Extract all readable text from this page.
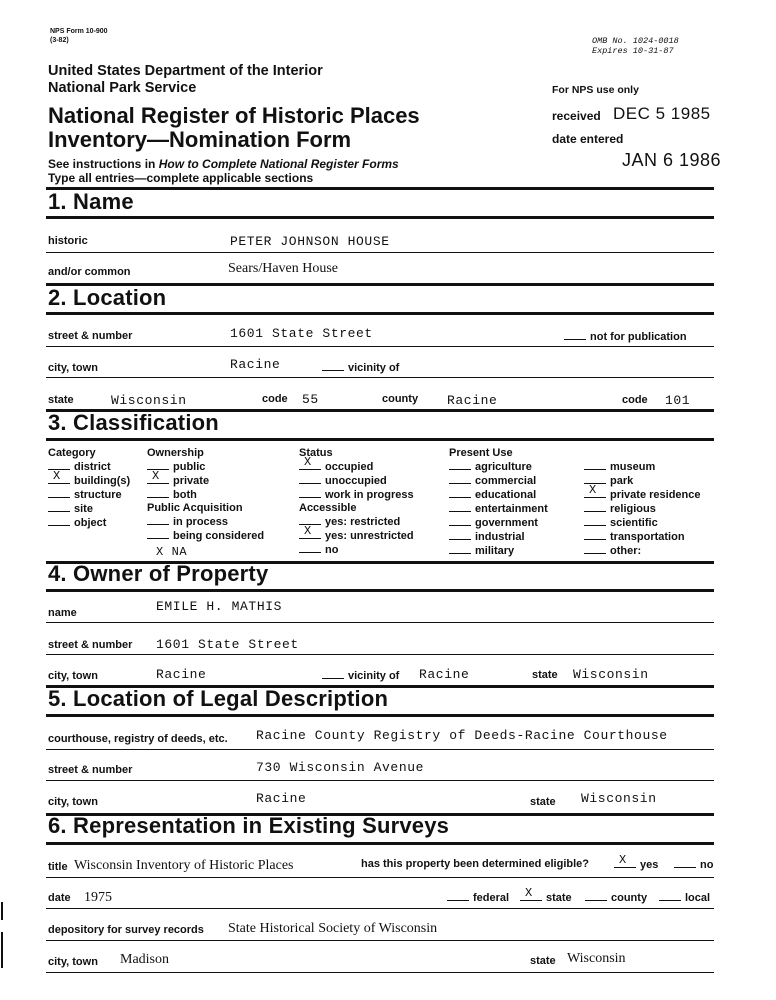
NPS Form 10-900
(3-82)	OMB No. 1024-0018
Expires 10-31-87
United States Department of the Interior
National Park Service
National Register of Historic Places
Inventory—Nomination Form
See instructions in How to Complete National Register Forms
Type all entries—complete applicable sections
For NPS use only
received DEC 5 1985
date entered
JAN 6 1986
1. Name
historic	PETER JOHNSON HOUSE
and/or common	Sears/Haven House
2. Location
street & number	1601 State Street	not for publication
city, town	Racine	vicinity of
state	Wisconsin	code 55	county Racine	code 101
3. Classification
Category
district
X building(s)
structure
site
object
Ownership
public
X private
both
Public Acquisition
in process
being considered
X NA
Status
X occupied
unoccupied
work in progress
Accessible
yes: restricted
X yes: unrestricted
no
Present Use
agriculture
commercial
educational
entertainment
government
industrial
military
museum
park
X private residence
religious
scientific
transportation
other:
4. Owner of Property
name	EMILE H. MATHIS
street & number 1601 State Street
city, town	Racine	vicinity of Racine	state Wisconsin
5. Location of Legal Description
courthouse, registry of deeds, etc. Racine County Registry of Deeds-Racine Courthouse
street & number	730 Wisconsin Avenue
city, town	Racine	state Wisconsin
6. Representation in Existing Surveys
title Wisconsin Inventory of Historic Places	has this property been determined eligible?	X yes	no
date 1975	federal X state	county	local
depository for survey records State Historical Society of Wisconsin
city, town Madison	state Wisconsin
